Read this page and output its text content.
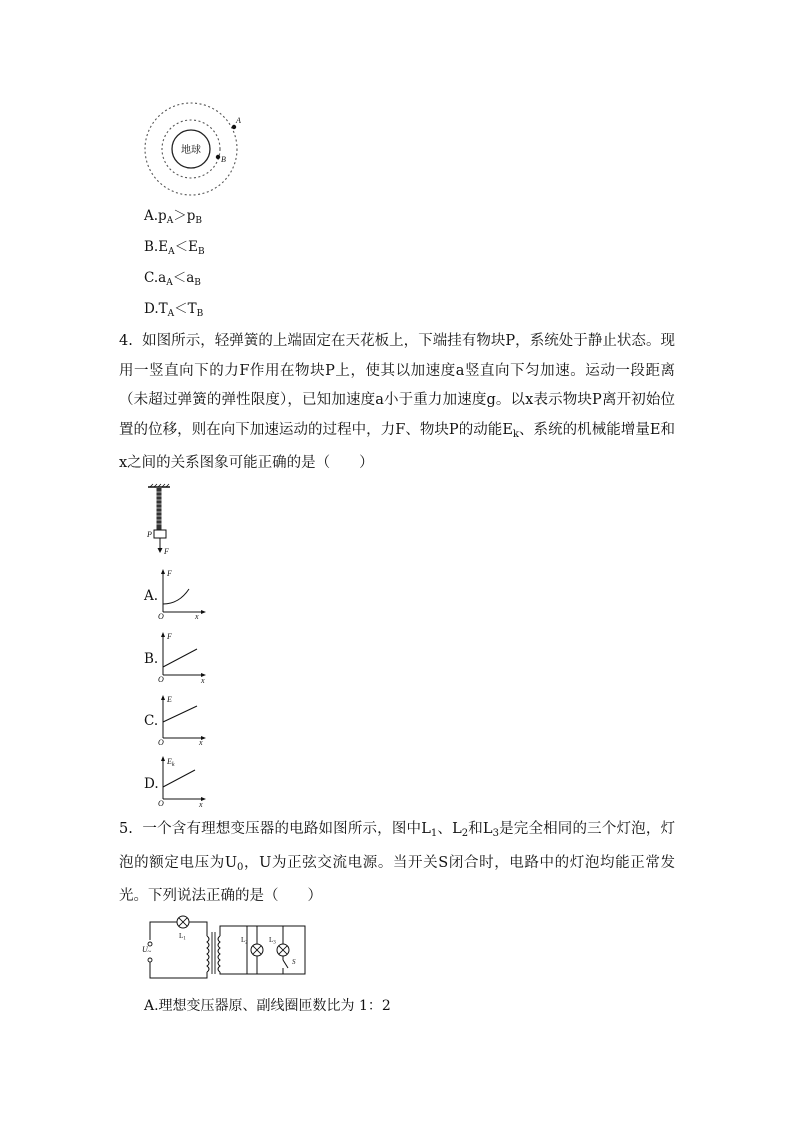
地球
A
B
$A.p_A>p_B$
$B.E_A<E_B$
$C.a_A<a_B$
$D.T_A<T_B$
4. 如图所示，轻弹簧的上端固定在天花板上，下端挂有物块P，系统处于静止状态。现用一竖直向下的力F作用在物块P上，使其以加速度a竖直向下匀加速。运动一段距离（未超过弹簧的弹性限度），已知加速度a小于重力加速度g。以x表示物块P离开初始位置的位移，则在向下加速运动的过程中，力F、物块P的动能$E_k$、系统的机械能增量E和x之间的关系图象可能正确的是（　　）
P
F
A.
F
O	x
B.
F
O	x
C.
E
O	x
D.
$E_k$
O	x
5. 一个含有理想变压器的电路如图所示，图中$L_1$、$L_2$和$L_3$是完全相同的三个灯泡，灯泡的额定电压为$U_0$，U为正弦交流电源。当开关S闭合时，电路中的灯泡均能正常发光。下列说法正确的是（　　）
$L_1$
~
U
$L_2$	$L_3$
S
A.理想变压器原、副线圈匝数比为 1：2
